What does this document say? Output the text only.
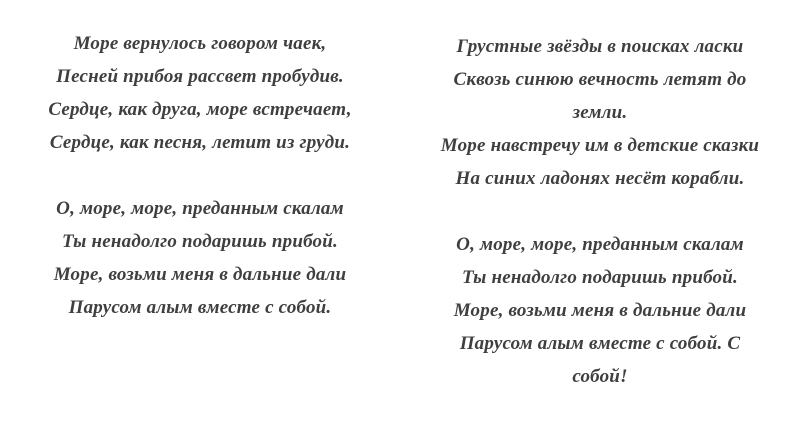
Море вернулось говором чаек,
Песней прибоя рассвет пробудив.
Сердце, как друга, море встречает,
Сердце, как песня, летит из груди.
О, море, море, преданным скалам
Ты ненадолго подаришь прибой.
Море, возьми меня в дальние дали
Парусом алым вместе с собой.
Грустные звёзды в поисках ласки
Сквозь синюю вечность летят до
земли.
Море навстречу им в детские сказки
На синих ладонях несёт корабли.
О, море, море, преданным скалам
Ты ненадолго подаришь прибой.
Море, возьми меня в дальние дали
Парусом алым вместе с собой. С
собой!
